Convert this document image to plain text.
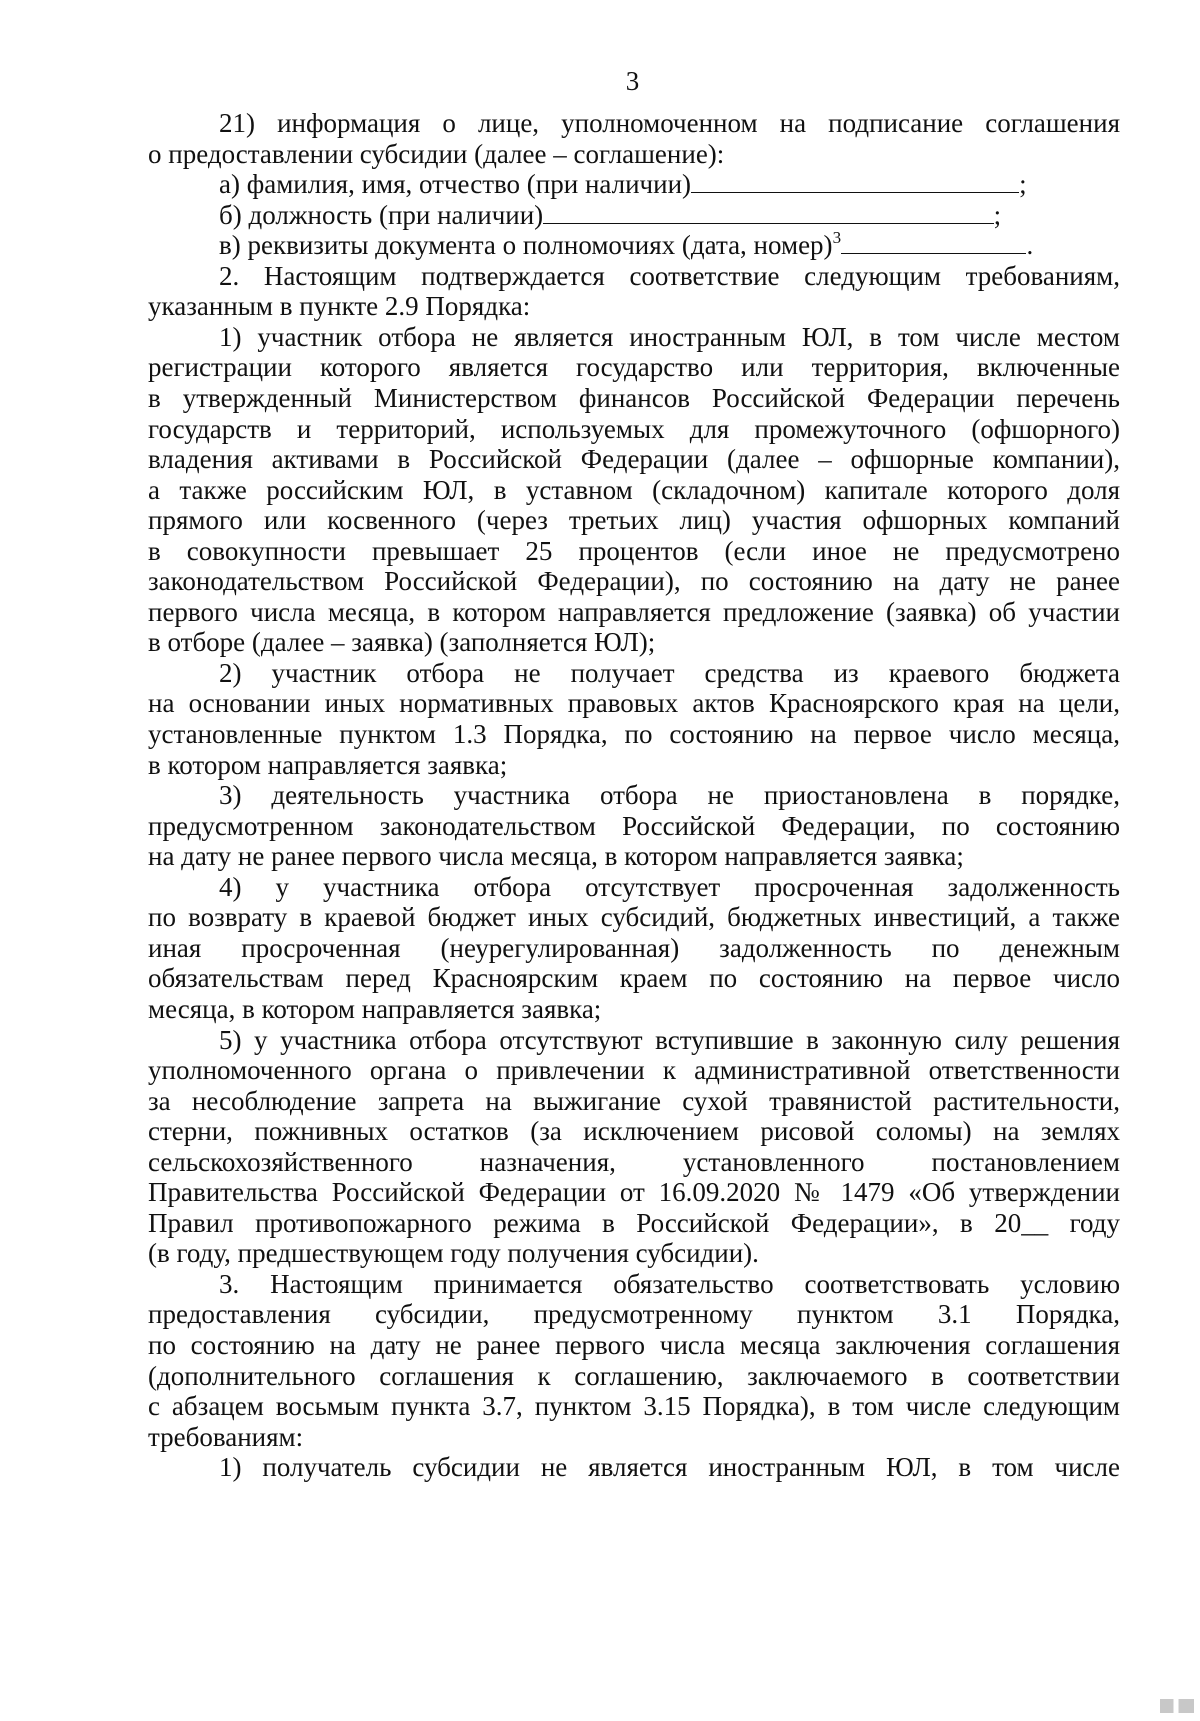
3
21) информация о лице, уполномоченном на подписание соглашения
о предоставлении субсидии (далее – соглашение):
а) фамилия, имя, отчество (при наличии)	;
б) должность (при наличии)	;
в) реквизиты документа о полномочиях (дата, номер)$^3$	.
2. Настоящим подтверждается соответствие следующим требованиям,
указанным в пункте 2.9 Порядка:
1) участник отбора не является иностранным ЮЛ, в том числе местом
регистрации которого является государство или территория, включенные
в утвержденный Министерством финансов Российской Федерации перечень
государств и территорий, используемых для промежуточного (офшорного)
владения активами в Российской Федерации (далее – офшорные компании),
а также российским ЮЛ, в уставном (складочном) капитале которого доля
прямого или косвенного (через третьих лиц) участия офшорных компаний
в совокупности превышает 25 процентов (если иное не предусмотрено
законодательством Российской Федерации), по состоянию на дату не ранее
первого числа месяца, в котором направляется предложение (заявка) об участии
в отборе (далее – заявка) (заполняется ЮЛ);
2) участник отбора не получает средства из краевого бюджета
на основании иных нормативных правовых актов Красноярского края на цели,
установленные пунктом 1.3 Порядка, по состоянию на первое число месяца,
в котором направляется заявка;
3) деятельность участника отбора не приостановлена в порядке,
предусмотренном законодательством Российской Федерации, по состоянию
на дату не ранее первого числа месяца, в котором направляется заявка;
4) у участника отбора отсутствует просроченная задолженность
по возврату в краевой бюджет иных субсидий, бюджетных инвестиций, а также
иная просроченная (неурегулированная) задолженность по денежным
обязательствам перед Красноярским краем по состоянию на первое число
месяца, в котором направляется заявка;
5) у участника отбора отсутствуют вступившие в законную силу решения
уполномоченного органа о привлечении к административной ответственности
за несоблюдение запрета на выжигание сухой травянистой растительности,
стерни, пожнивных остатков (за исключением рисовой соломы) на землях
сельскохозяйственного назначения, установленного постановлением
Правительства Российской Федерации от 16.09.2020 № 1479 «Об утверждении
Правил противопожарного режима в Российской Федерации», в 20__ году
(в году, предшествующем году получения субсидии).
3. Настоящим принимается обязательство соответствовать условию
предоставления субсидии, предусмотренному пунктом 3.1 Порядка,
по состоянию на дату не ранее первого числа месяца заключения соглашения
(дополнительного соглашения к соглашению, заключаемого в соответствии
с абзацем восьмым пункта 3.7, пунктом 3.15 Порядка), в том числе следующим
требованиям:
1) получатель субсидии не является иностранным ЮЛ, в том числе
